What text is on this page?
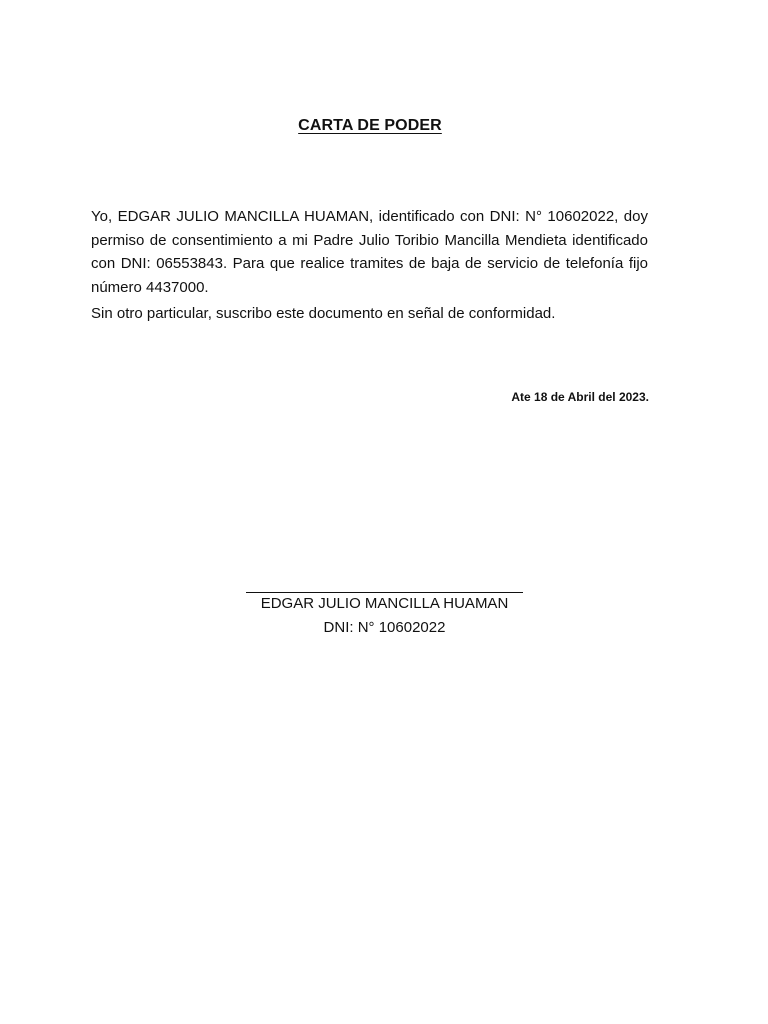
CARTA DE PODER

Yo, EDGAR JULIO MANCILLA HUAMAN, identificado con DNI: N° 10602022, doy permiso de consentimiento a mi Padre Julio Toribio Mancilla Mendieta identificado con DNI: 06553843. Para que realice tramites de baja de servicio de telefonía fijo número 4437000.

Sin otro particular, suscribo este documento en señal de conformidad.

Ate 18 de Abril del 2023.
EDGAR JULIO MANCILLA HUAMAN
DNI: N° 10602022
